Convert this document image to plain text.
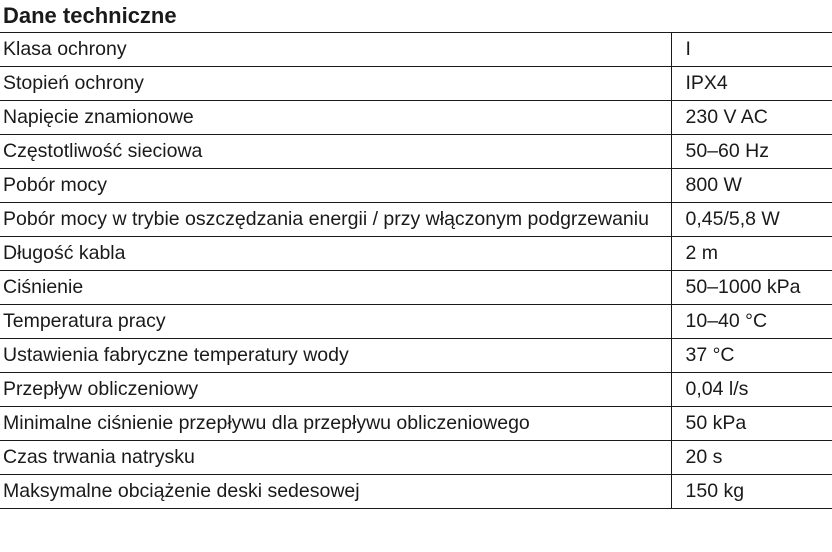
Dane techniczne
Klasa ochrony	I
Stopień ochrony	IPX4
Napięcie znamionowe	230 V AC
Częstotliwość sieciowa	50–60 Hz
Pobór mocy	800 W
Pobór mocy w trybie oszczędzania energii / przy włączonym podgrzewaniu	0,45/5,8 W
Długość kabla	2 m
Ciśnienie	50–1000 kPa
Temperatura pracy	10–40 °C
Ustawienia fabryczne temperatury wody	37 °C
Przepływ obliczeniowy	0,04 l/s
Minimalne ciśnienie przepływu dla przepływu obliczeniowego	50 kPa
Czas trwania natrysku	20 s
Maksymalne obciążenie deski sedesowej	150 kg
